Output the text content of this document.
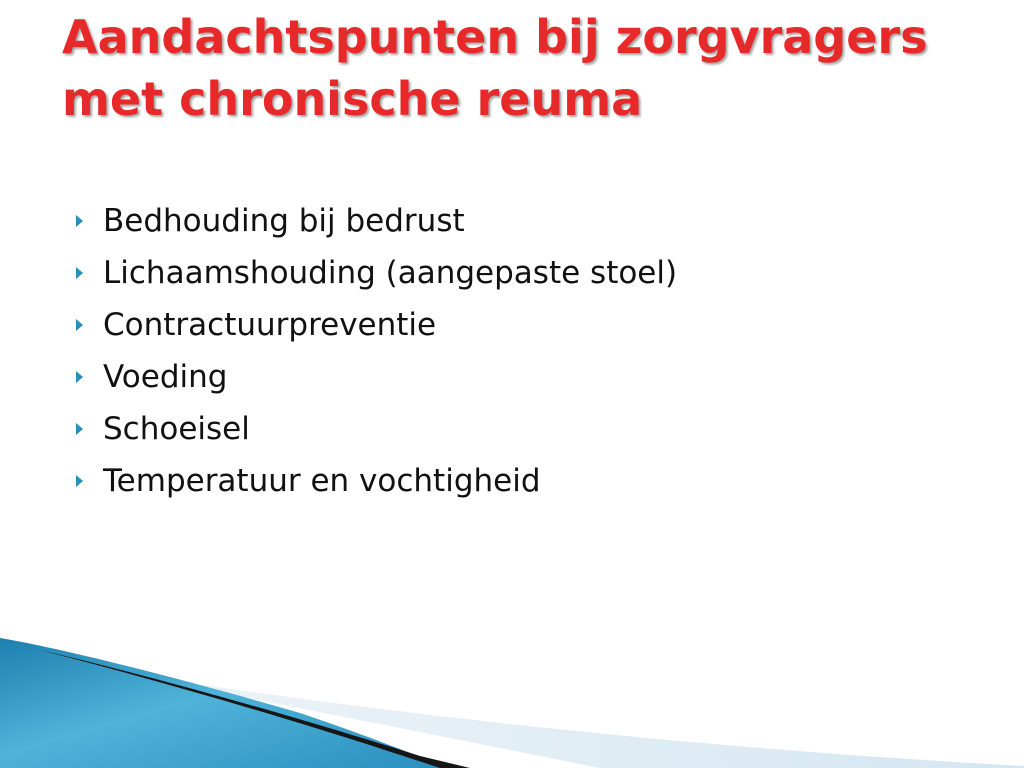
Aandachtspunten bij zorgvragers met chronische reuma
Bedhouding bij bedrust
Lichaamshouding (aangepaste stoel)
Contractuurpreventie
Voeding
Schoeisel
Temperatuur en vochtigheid
